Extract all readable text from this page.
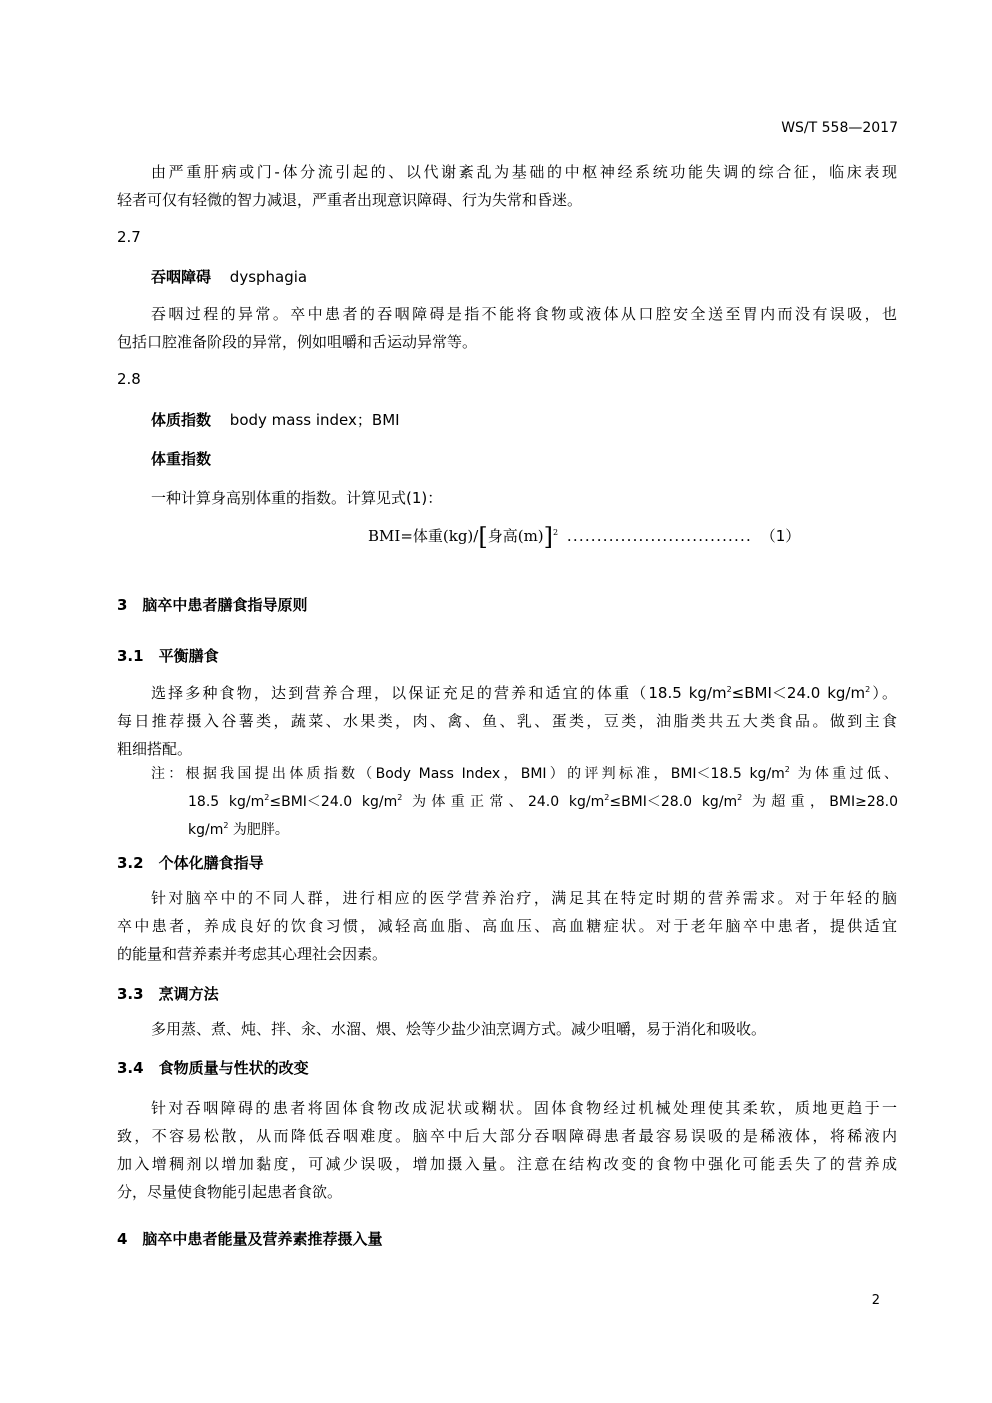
WS/T 558—2017
由严重肝病或门-体分流引起的、以代谢紊乱为基础的中枢神经系统功能失调的综合征，临床表现
轻者可仅有轻微的智力减退，严重者出现意识障碍、行为失常和昏迷。
2.7
吞咽障碍 dysphagia
吞咽过程的异常。卒中患者的吞咽障碍是指不能将食物或液体从口腔安全送至胃内而没有误吸，也
包括口腔准备阶段的异常，例如咀嚼和舌运动异常等。
2.8
体质指数 body mass index；BMI
体重指数
一种计算身高别体重的指数。计算见式(1)：
BMI=体重(kg)/[身高(m)]$^2$ ............................... （1）
3　脑卒中患者膳食指导原则
3.1　平衡膳食
选择多种食物，达到营养合理，以保证充足的营养和适宜的体重（18.5 $kg/m^2\le BMI<24.0$ $kg/m^2$）。
每日推荐摄入谷薯类，蔬菜、水果类，肉、禽、鱼、乳、蛋类，豆类，油脂类共五大类食品。做到主食
粗细搭配。
注：根据我国提出体质指数（Body Mass Index，BMI）的评判标准，BMI＜18.5 $kg/m^2$ 为体重过低、
18.5 $kg/m^2\le BMI<24.0$ $kg/m^2$ 为体重正常、24.0 $kg/m^2\le BMI<28.0$ $kg/m^2$ 为超重，BMI≥28.0
$kg/m^2$ 为肥胖。
3.2　个体化膳食指导
针对脑卒中的不同人群，进行相应的医学营养治疗，满足其在特定时期的营养需求。对于年轻的脑
卒中患者，养成良好的饮食习惯，减轻高血脂、高血压、高血糖症状。对于老年脑卒中患者，提供适宜
的能量和营养素并考虑其心理社会因素。
3.3　烹调方法
多用蒸、煮、炖、拌、汆、水溜、煨、烩等少盐少油烹调方式。减少咀嚼，易于消化和吸收。
3.4　食物质量与性状的改变
针对吞咽障碍的患者将固体食物改成泥状或糊状。固体食物经过机械处理使其柔软，质地更趋于一
致，不容易松散，从而降低吞咽难度。脑卒中后大部分吞咽障碍患者最容易误吸的是稀液体，将稀液内
加入增稠剂以增加黏度，可减少误吸，增加摄入量。注意在结构改变的食物中强化可能丢失了的营养成
分，尽量使食物能引起患者食欲。
4　脑卒中患者能量及营养素推荐摄入量
2
